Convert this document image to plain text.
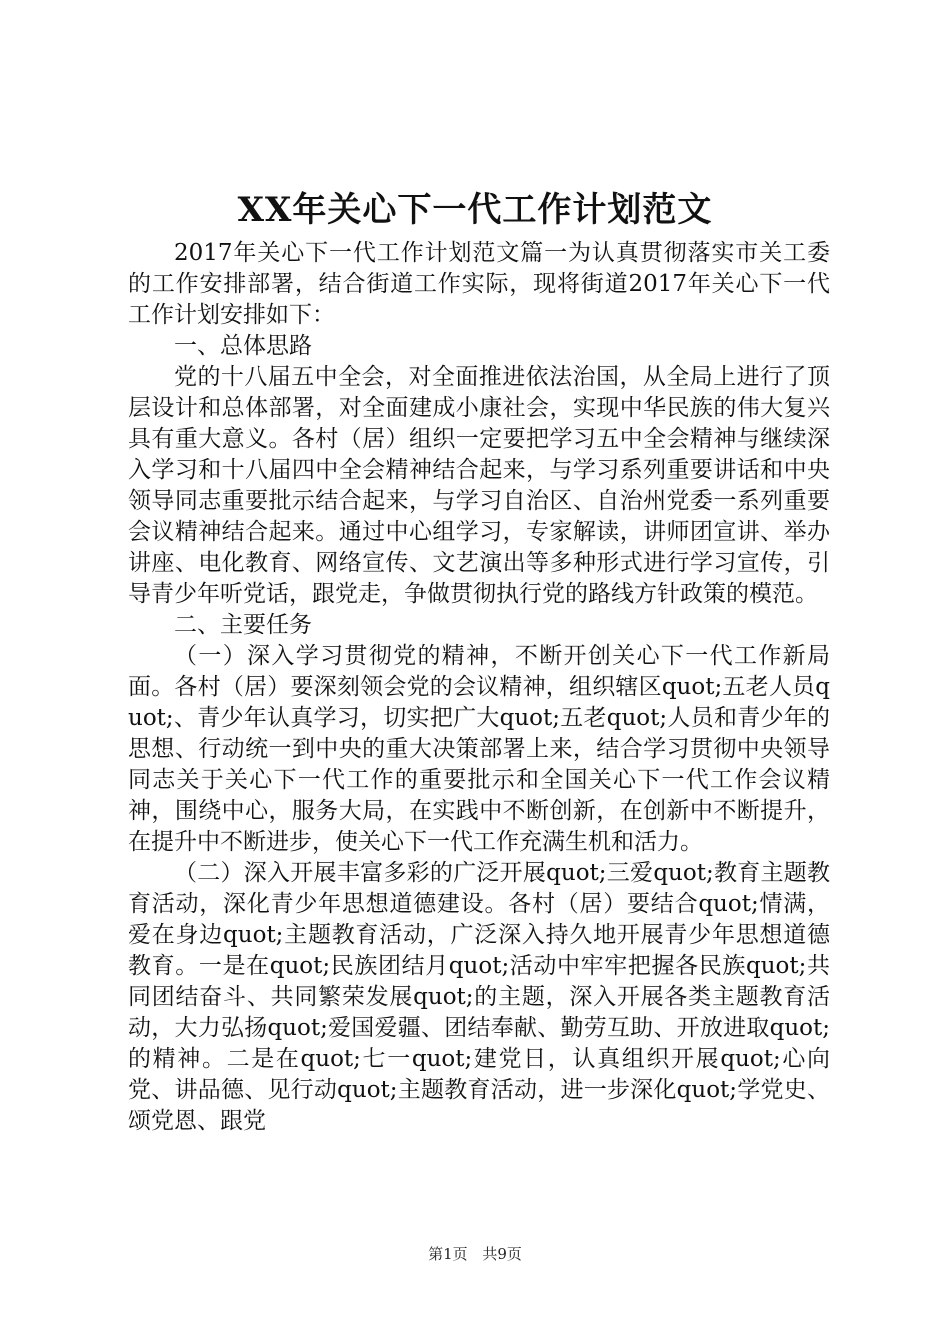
XX年关心下一代工作计划范文

2017年关心下一代工作计划范文篇一为认真贯彻落实市关工委的工作安排部署，结合街道工作实际，现将街道2017年关心下一代工作计划安排如下：

一、总体思路

党的十八届五中全会，对全面推进依法治国，从全局上进行了顶层设计和总体部署，对全面建成小康社会，实现中华民族的伟大复兴具有重大意义。各村（居）组织一定要把学习五中全会精神与继续深入学习和十八届四中全会精神结合起来，与学习系列重要讲话和中央领导同志重要批示结合起来，与学习自治区、自治州党委一系列重要会议精神结合起来。通过中心组学习，专家解读，讲师团宣讲、举办讲座、电化教育、网络宣传、文艺演出等多种形式进行学习宣传，引导青少年听党话，跟党走，争做贯彻执行党的路线方针政策的模范。

二、主要任务

（一）深入学习贯彻党的精神，不断开创关心下一代工作新局面。各村（居）要深刻领会党的会议精神，组织辖区quot;五老人员quot;、青少年认真学习，切实把广大quot;五老quot;人员和青少年的思想、行动统一到中央的重大决策部署上来，结合学习贯彻中央领导同志关于关心下一代工作的重要批示和全国关心下一代工作会议精神，围绕中心，服务大局，在实践中不断创新，在创新中不断提升，在提升中不断进步，使关心下一代工作充满生机和活力。

（二）深入开展丰富多彩的广泛开展quot;三爱quot;教育主题教育活动，深化青少年思想道德建设。各村（居）要结合quot;情满，爱在身边quot;主题教育活动，广泛深入持久地开展青少年思想道德教育。一是在quot;民族团结月quot;活动中牢牢把握各民族quot;共同团结奋斗、共同繁荣发展quot;的主题，深入开展各类主题教育活动，大力弘扬quot;爱国爱疆、团结奉献、勤劳互助、开放进取quot;的精神。二是在quot;七一quot;建党日，认真组织开展quot;心向党、讲品德、见行动quot;主题教育活动，进一步深化quot;学党史、颂党恩、跟党

第1页 共9页
